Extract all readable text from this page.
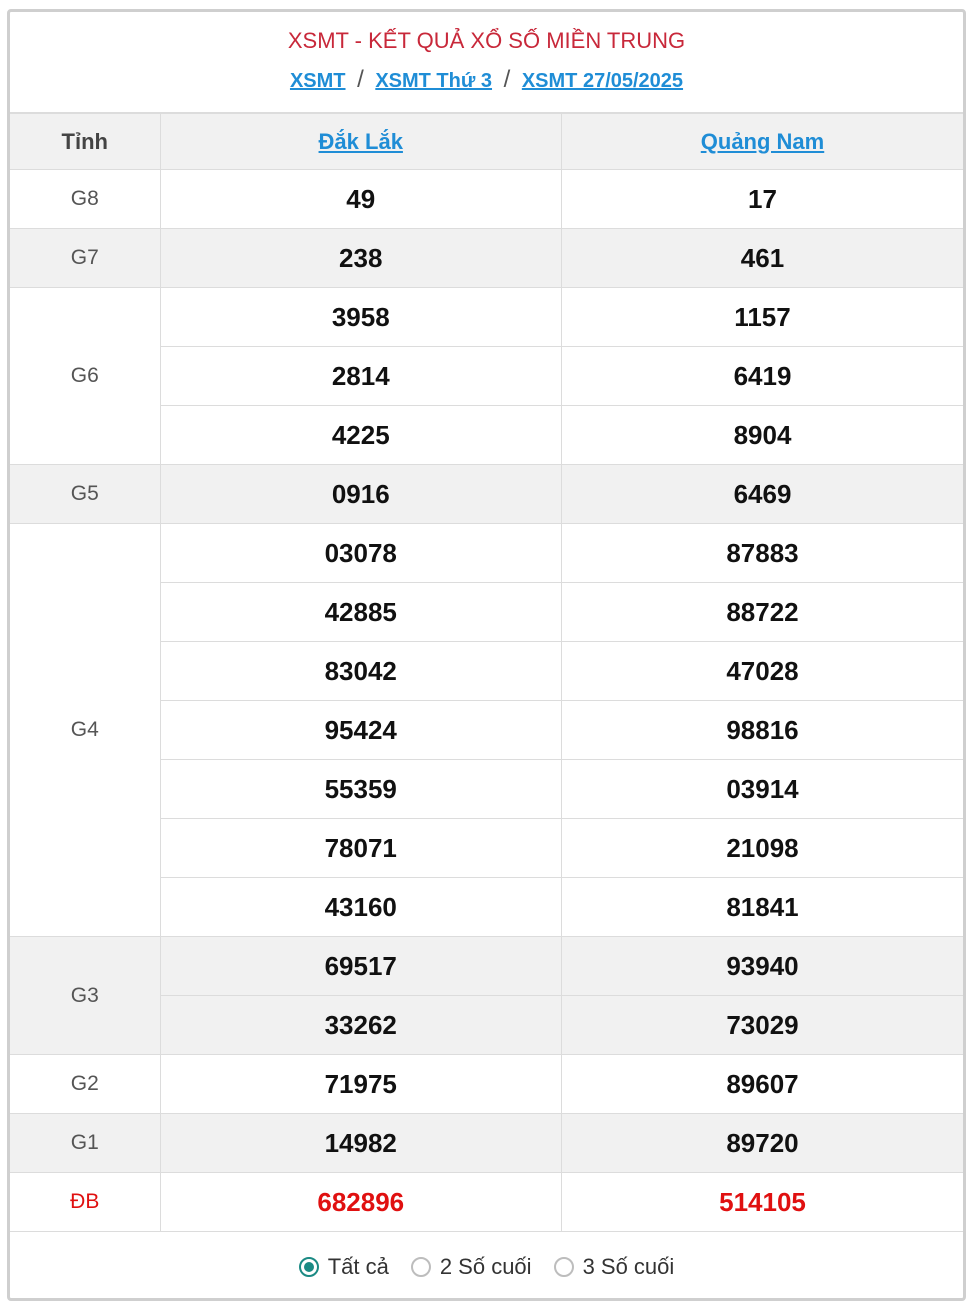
XSMT - KẾT QUẢ XỔ SỐ MIỀN TRUNG
XSMT / XSMT Thứ 3 / XSMT 27/05/2025
Tỉnh	Đắk Lắk	Quảng Nam
G8	49	17
G7	238	461
G6	3958	1157
	2814	6419
	4225	8904
G5	0916	6469
G4	03078	87883
	42885	88722
	83042	47028
	95424	98816
	55359	03914
	78071	21098
	43160	81841
G3	69517	93940
	33262	73029
G2	71975	89607
G1	14982	89720
ĐB	682896	514105
Tất cả 2 Số cuối 3 Số cuối
